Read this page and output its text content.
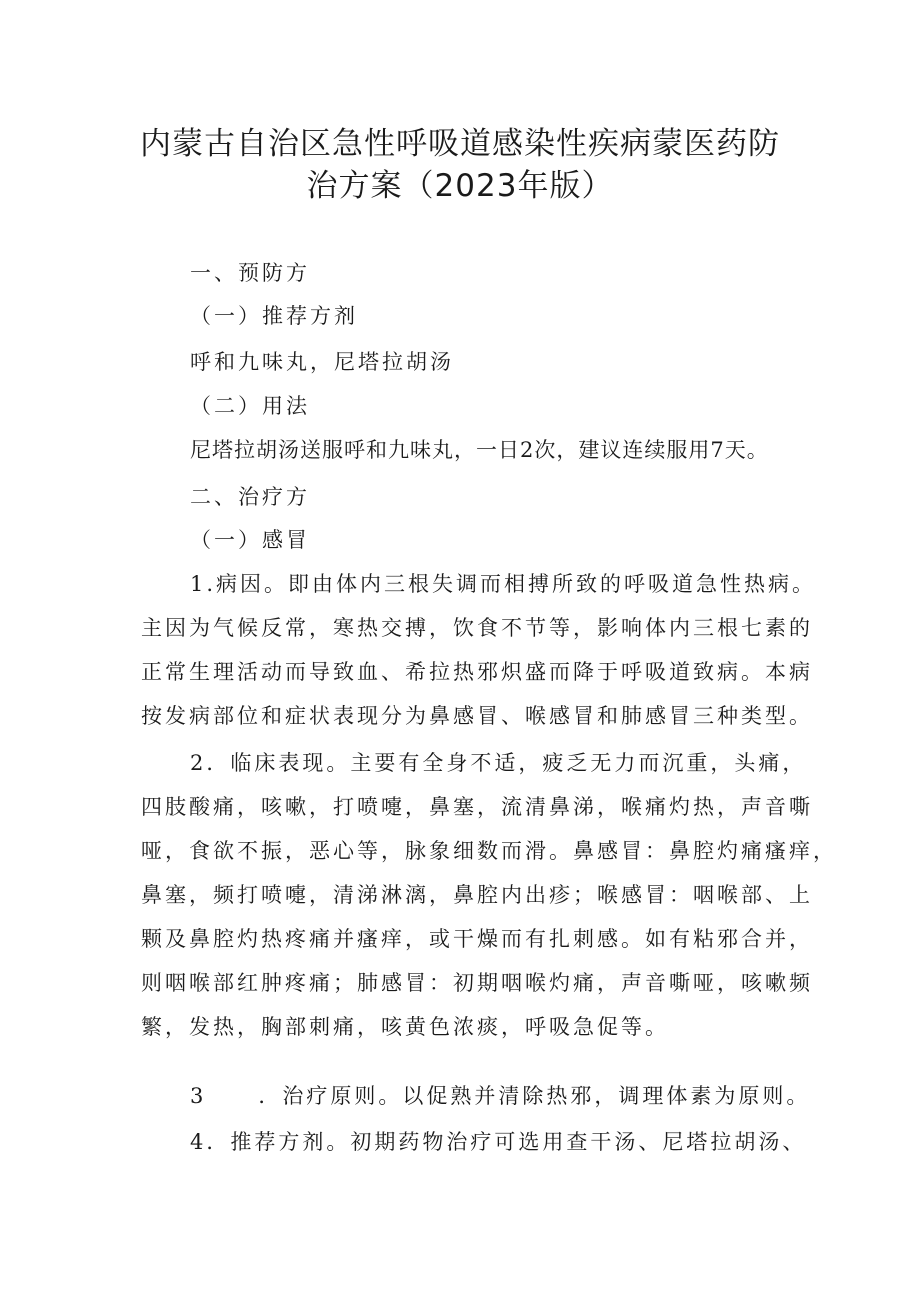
内蒙古自治区急性呼吸道感染性疾病蒙医药防
治方案（2023年版）

一、预防方

（一）推荐方剂

呼和九味丸，尼塔拉胡汤

（二）用法

尼塔拉胡汤送服呼和九味丸，一日2次，建议连续服用7天。

二、治疗方

（一）感冒

1.病因。即由体内三根失调而相搏所致的呼吸道急性热病。

主因为气候反常，寒热交搏，饮食不节等，影响体内三根七素的

正常生理活动而导致血、希拉热邪炽盛而降于呼吸道致病。本病

按发病部位和症状表现分为鼻感冒、喉感冒和肺感冒三种类型。

2．临床表现。主要有全身不适，疲乏无力而沉重，头痛，

四肢酸痛，咳嗽，打喷嚏，鼻塞，流清鼻涕，喉痛灼热，声音嘶

哑，食欲不振，恶心等，脉象细数而滑。鼻感冒：鼻腔灼痛瘙痒，

鼻塞，频打喷嚏，清涕淋漓，鼻腔内出疹；喉感冒：咽喉部、上

颗及鼻腔灼热疼痛并瘙痒，或干燥而有扎刺感。如有粘邪合并，

则咽喉部红肿疼痛；肺感冒：初期咽喉灼痛，声音嘶哑，咳嗽频

繁，发热，胸部刺痛，咳黄色浓痰，呼吸急促等。

3 ．治疗原则。以促熟并清除热邪，调理体素为原则。

4．推荐方剂。初期药物治疗可选用查干汤、尼塔拉胡汤、
